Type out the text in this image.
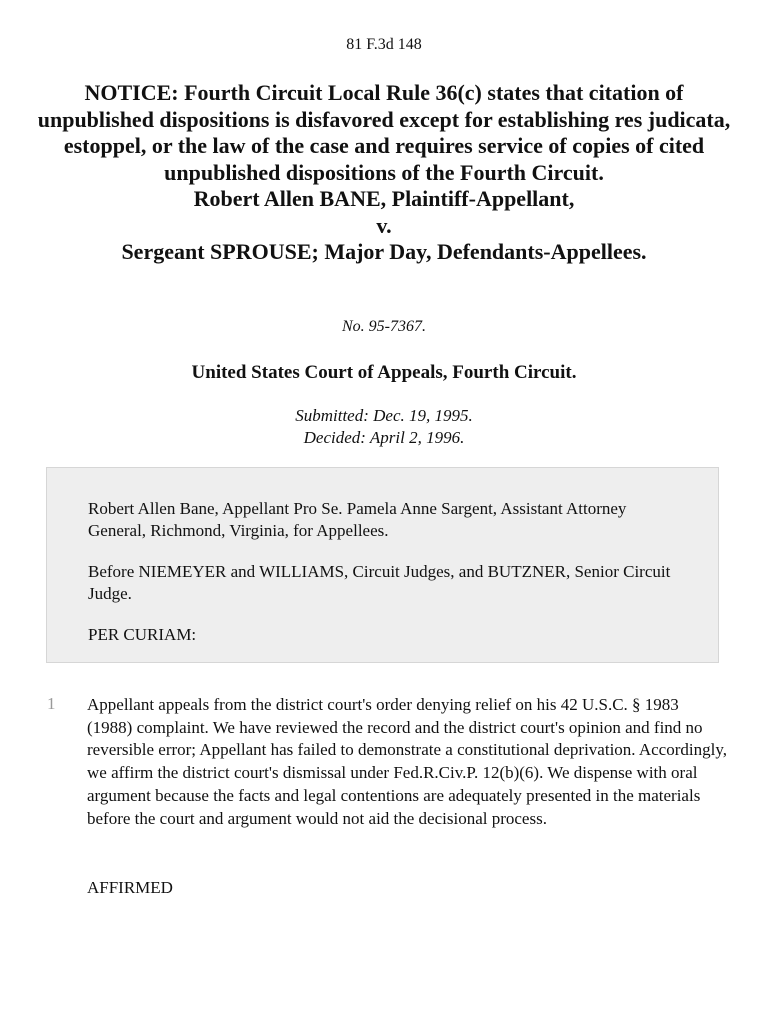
81 F.3d 148
NOTICE: Fourth Circuit Local Rule 36(c) states that citation of unpublished dispositions is disfavored except for establishing res judicata, estoppel, or the law of the case and requires service of copies of cited unpublished dispositions of the Fourth Circuit.
Robert Allen BANE, Plaintiff-Appellant,
v.
Sergeant SPROUSE; Major Day, Defendants-Appellees.
No. 95-7367.
United States Court of Appeals, Fourth Circuit.
Submitted: Dec. 19, 1995.
Decided: April 2, 1996.

Robert Allen Bane, Appellant Pro Se. Pamela Anne Sargent, Assistant Attorney General, Richmond, Virginia, for Appellees.

Before NIEMEYER and WILLIAMS, Circuit Judges, and BUTZNER, Senior Circuit Judge.

PER CURIAM:

1 Appellant appeals from the district court's order denying relief on his 42 U.S.C. § 1983 (1988) complaint. We have reviewed the record and the district court's opinion and find no reversible error; Appellant has failed to demonstrate a constitutional deprivation. Accordingly, we affirm the district court's dismissal under Fed.R.Civ.P. 12(b)(6). We dispense with oral argument because the facts and legal contentions are adequately presented in the materials before the court and argument would not aid the decisional process.

AFFIRMED
